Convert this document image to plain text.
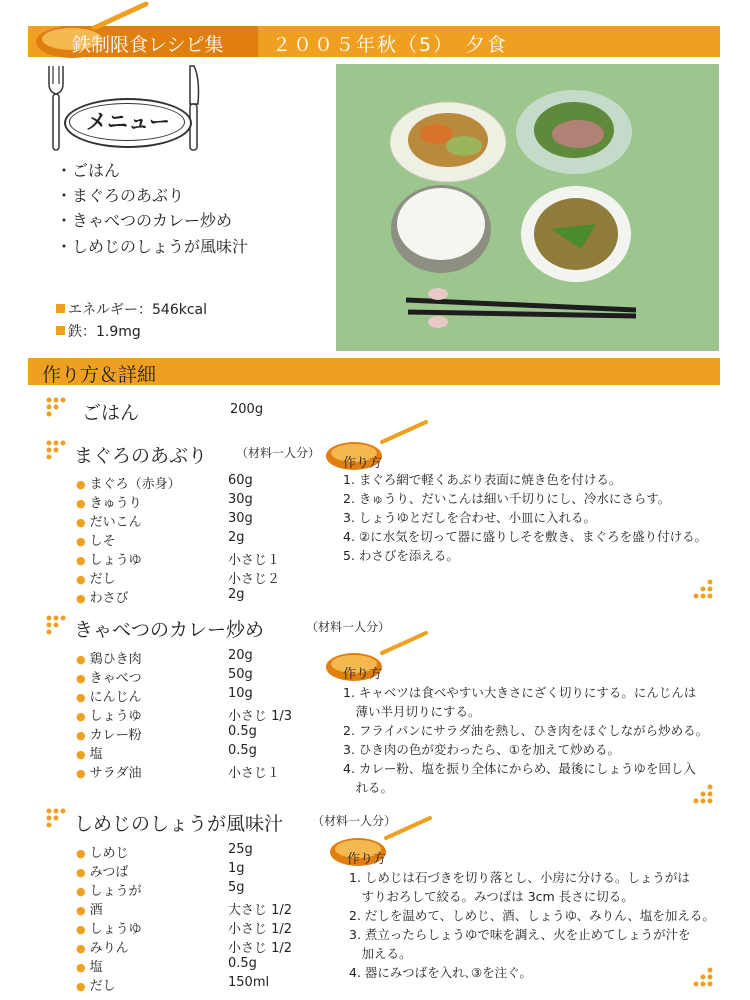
鉄制限食レシピ集	２００５年秋（5）　夕食
メニュー
・ごはん
・まぐろのあぶり
・きゃべつのカレー炒め
・しめじのしょうが風味汁
エネルギー：546kcal
鉄：1.9mg
作り方＆詳細
ごはん	200g
まぐろのあぶり （材料一人分）
作り方
● まぐろ（赤身）	60g
● きゅうり	30g
● だいこん	30g
● しそ	2g
● しょうゆ	小さじ１
● だし	小さじ２
● わさび	2g
1. まぐろ網で軽くあぶり表面に焼き色を付ける。
2. きゅうり、だいこんは細い千切りにし、冷水にさらす。
3. しょうゆとだしを合わせ、小皿に入れる。
4. ②に水気を切って器に盛りしそを敷き、まぐろを盛り付ける。
5. わさびを添える。
きゃべつのカレー炒め	（材料一人分）
作り方
● 鶏ひき肉	20g
● きゃべつ	50g
● にんじん	10g
● しょうゆ	小さじ 1/3
● カレー粉	0.5g
● 塩	0.5g
● サラダ油	小さじ１
1. キャベツは食べやすい大きさにざく切りにする。にんじんは
　薄い半月切りにする。
2. フライパンにサラダ油を熱し、ひき肉をほぐしながら炒める。
3. ひき肉の色が変わったら、①を加えて炒める。
4. カレー粉、塩を振り全体にからめ、最後にしょうゆを回し入
　れる。
しめじのしょうが風味汁 （材料一人分）
作り方
● しめじ	25g
● みつば	1g
● しょうが	5g
● 酒	大さじ 1/2
● しょうゆ	小さじ 1/2
● みりん	小さじ 1/2
● 塩	0.5g
● だし	150ml
1. しめじは石づきを切り落とし、小房に分ける。しょうがは
　すりおろして絞る。みつばは 3cm 長さに切る。
2. だしを温めて、しめじ、酒、しょうゆ、みりん、塩を加える。
3. 煮立ったらしょうゆで味を調え、火を止めてしょうが汁を
　加える。
4. 器にみつばを入れ､③を注ぐ。
